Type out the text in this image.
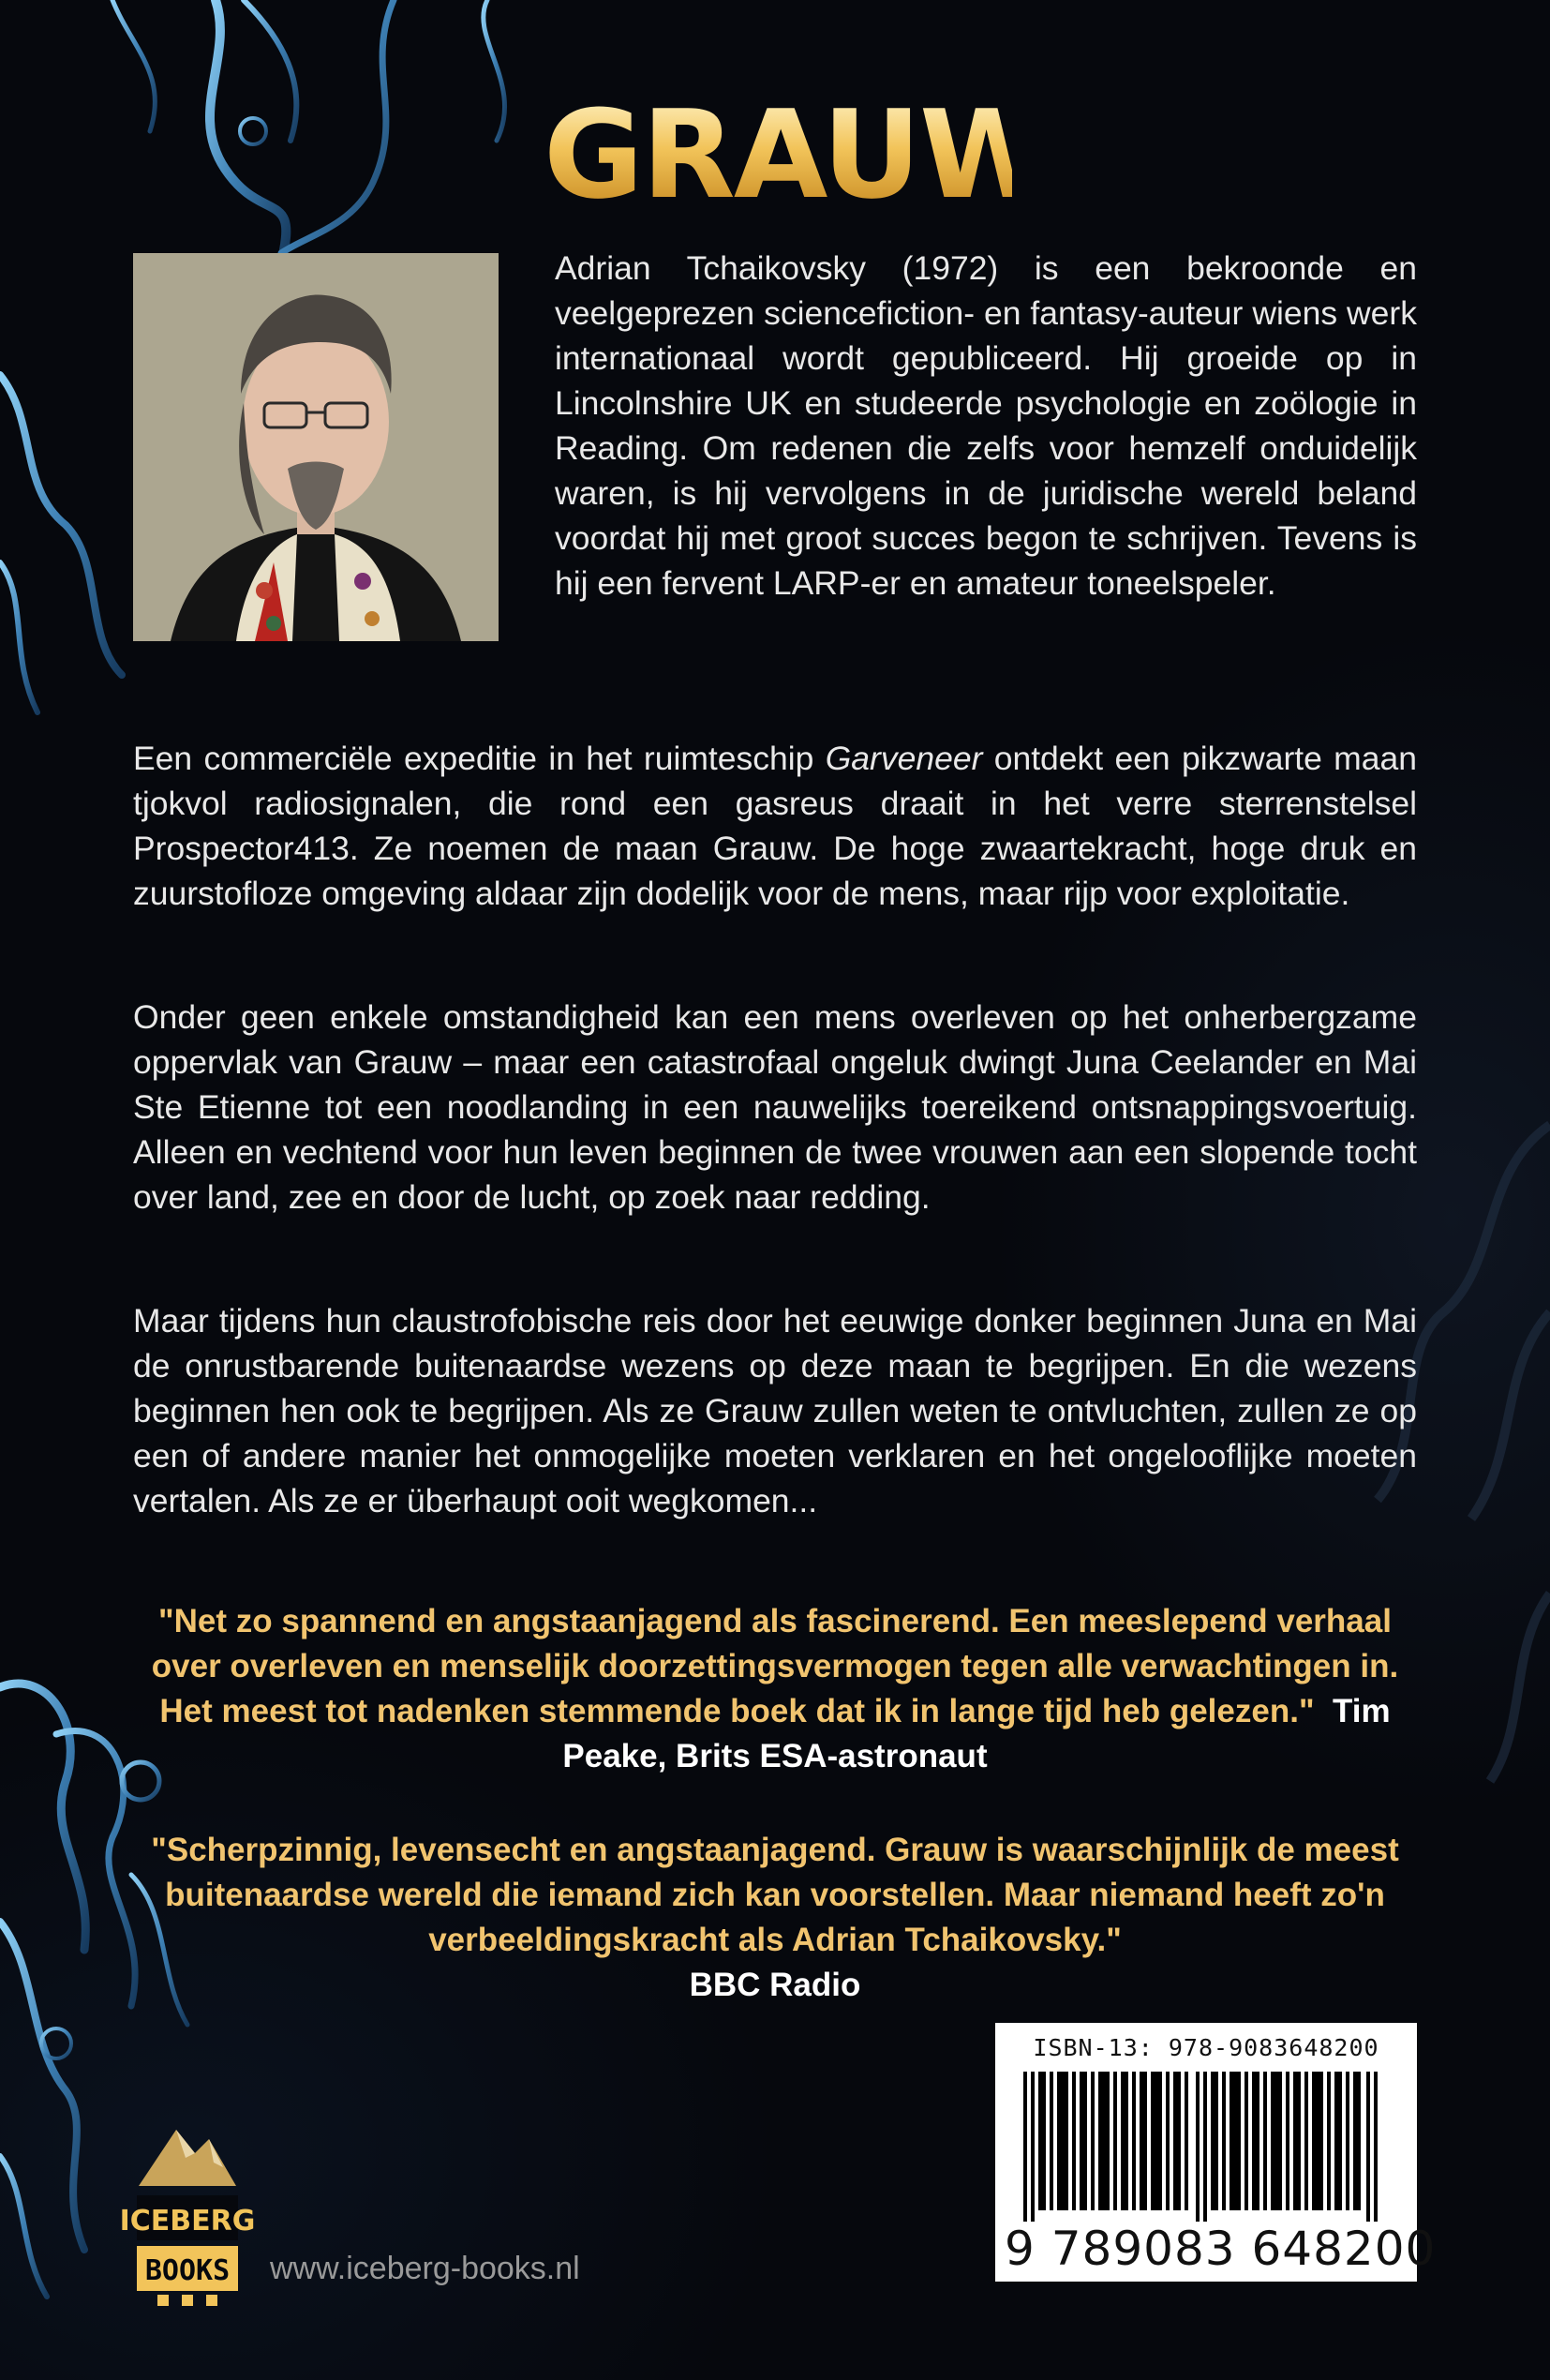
GRAUW

Adrian Tchaikovsky (1972) is een bekroonde en veelgeprezen sciencefiction- en fantasy-auteur wiens werk internationaal wordt gepubliceerd. Hij groeide op in Lincolnshire UK en studeerde psychologie en zoölogie in Reading. Om redenen die zelfs voor hemzelf onduidelijk waren, is hij vervolgens in de juridische wereld beland voordat hij met groot succes begon te schrijven. Tevens is hij een fervent LARP-er en amateur toneelspeler.

Een commerciële expeditie in het ruimteschip Garveneer ontdekt een pikzwarte maan tjokvol radiosignalen, die rond een gasreus draait in het verre sterrenstelsel Prospector413. Ze noemen de maan Grauw. De hoge zwaartekracht, hoge druk en zuurstofloze omgeving aldaar zijn dodelijk voor de mens, maar rijp voor exploitatie.

Onder geen enkele omstandigheid kan een mens overleven op het onherbergzame oppervlak van Grauw – maar een catastrofaal ongeluk dwingt Juna Ceelander en Mai Ste Etienne tot een noodlanding in een nauwelijks toereikend ontsnappingsvoertuig. Alleen en vechtend voor hun leven beginnen de twee vrouwen aan een slopende tocht over land, zee en door de lucht, op zoek naar redding.

Maar tijdens hun claustrofobische reis door het eeuwige donker beginnen Juna en Mai de onrustbarende buitenaardse wezens op deze maan te begrijpen. En die wezens beginnen hen ook te begrijpen. Als ze Grauw zullen weten te ontvluchten, zullen ze op een of andere manier het onmogelijke moeten verklaren en het ongelooflijke moeten vertalen. Als ze er überhaupt ooit wegkomen...

"Net zo spannend en angstaanjagend als fascinerend. Een meeslepend verhaal over overleven en menselijk doorzettingsvermogen tegen alle verwachtingen in. Het meest tot nadenken stemmende boek dat ik in lange tijd heb gelezen." Tim Peake, Brits ESA-astronaut

"Scherpzinnig, levensecht en angstaanjagend. Grauw is waarschijnlijk de meest buitenaardse wereld die iemand zich kan voorstellen. Maar niemand heeft zo'n verbeeldingskracht als Adrian Tchaikovsky."
BBC Radio

ISBN-13: 978-9083648200
9 789083 648200
ICEBERG
BOOKS www.iceberg-books.nl
